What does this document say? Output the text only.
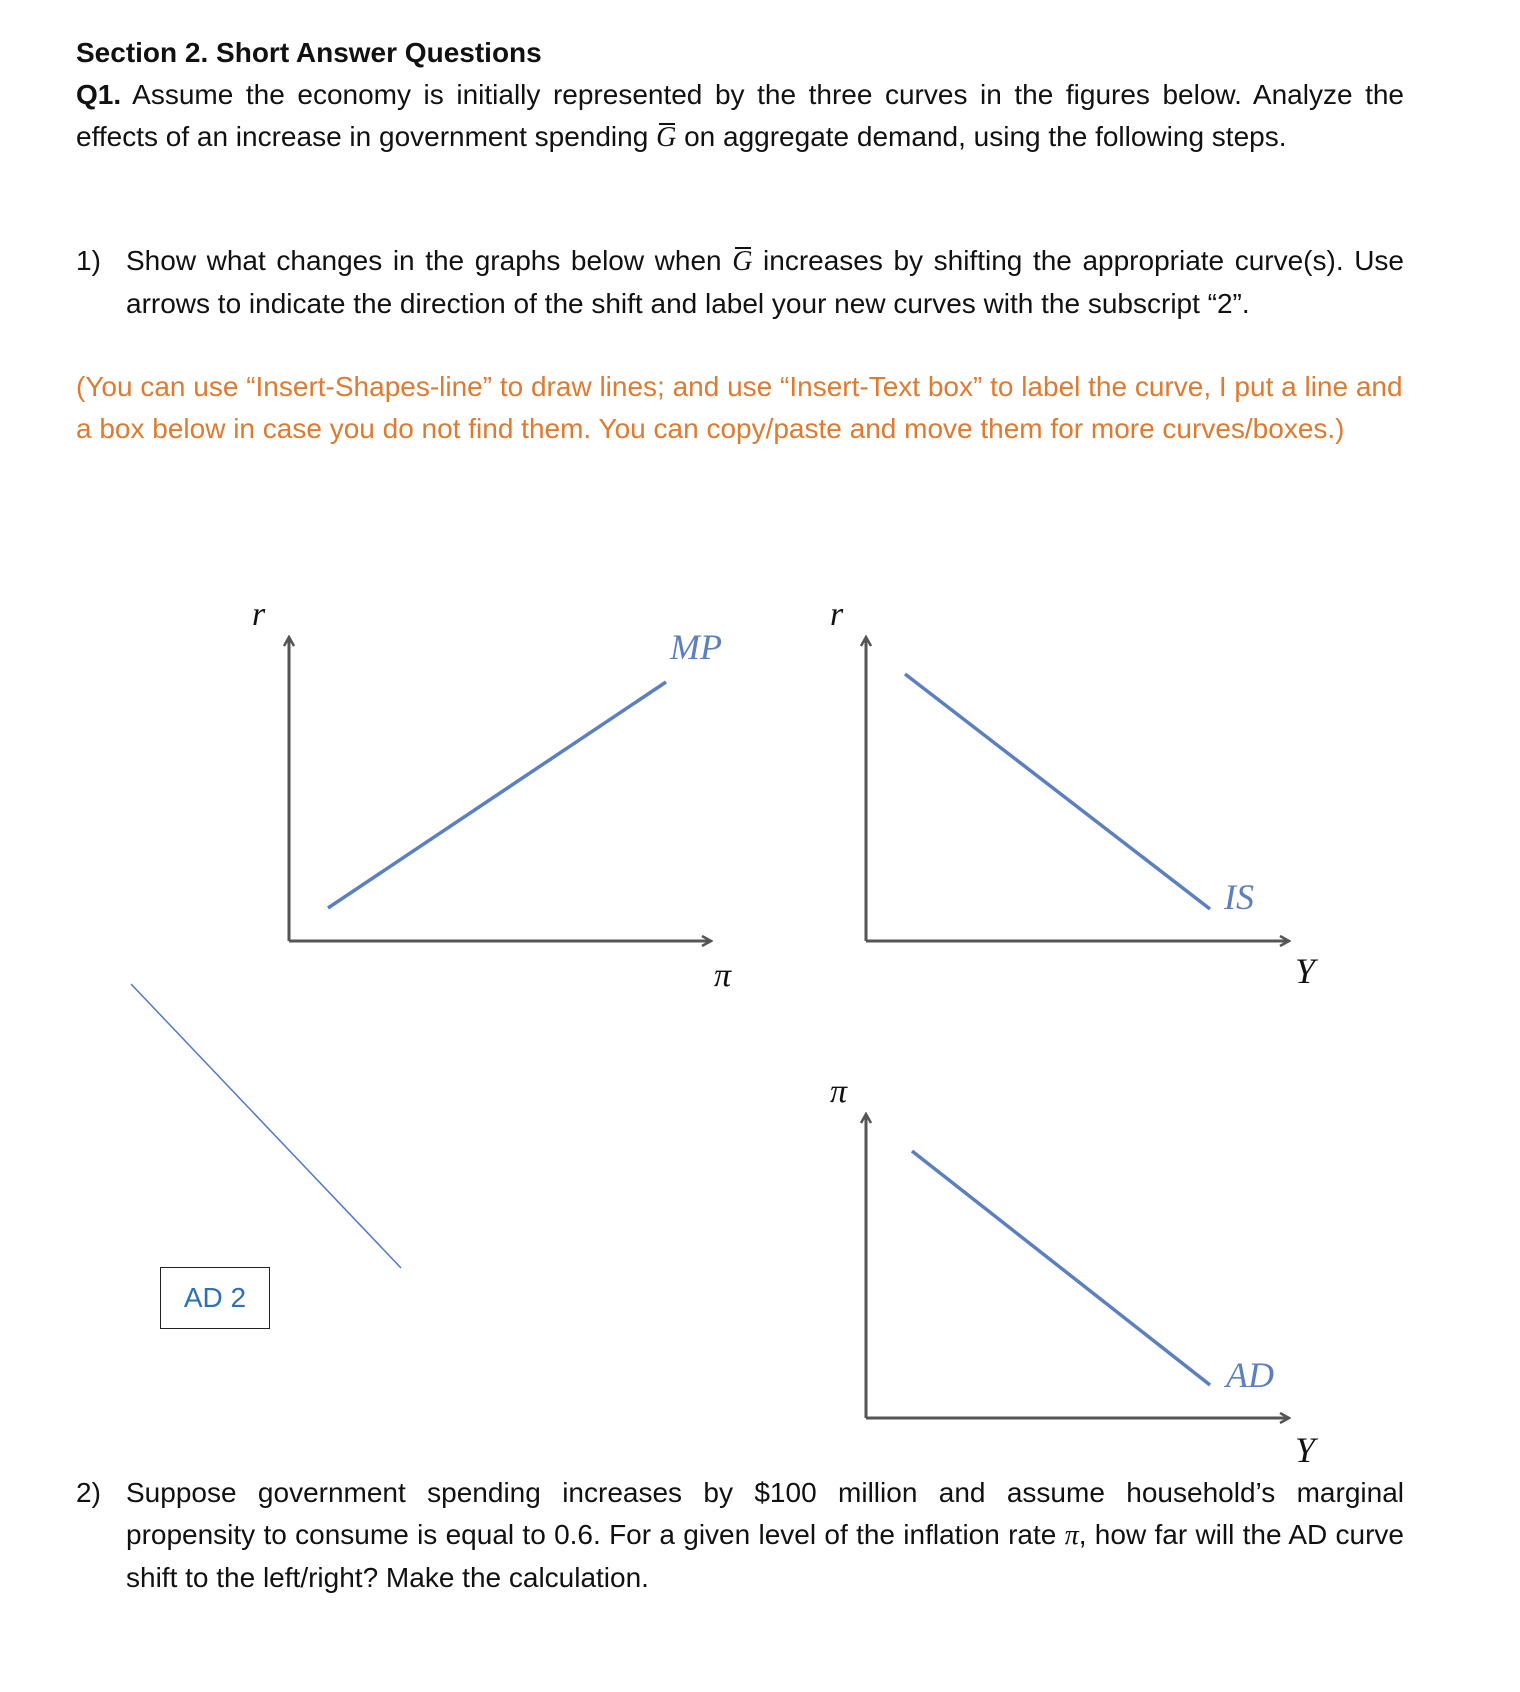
Section 2. Short Answer Questions
Q1. Assume the economy is initially represented by the three curves in the figures below. Analyze the effects of an increase in government spending G on aggregate demand, using the following steps.
1) Show what changes in the graphs below when G increases by shifting the appropriate curve(s). Use arrows to indicate the direction of the shift and label your new curves with the subscript “2”.
(You can use “Insert-Shapes-line” to draw lines; and use “Insert-Text box” to label the curve, I put a line and a box below in case you do not find them. You can copy/paste and move them for more curves/boxes.)
r
π
MP
r
Y
IS
π
Y
AD
AD 2
2) Suppose government spending increases by $100 million and assume household’s marginal propensity to consume is equal to 0.6. For a given level of the inflation rate π, how far will the AD curve shift to the left/right? Make the calculation.
